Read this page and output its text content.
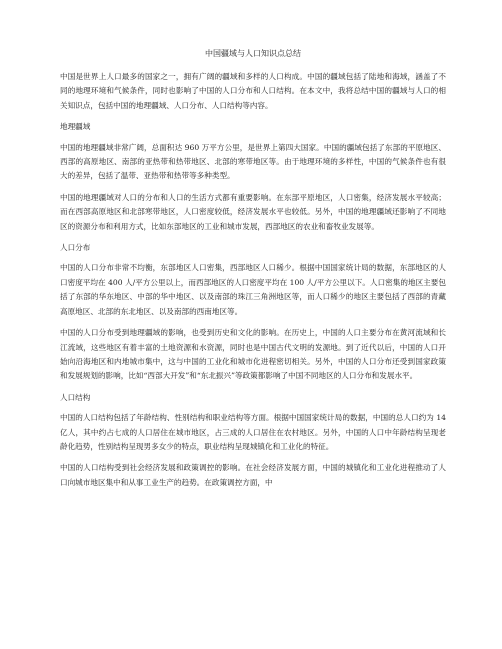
中国疆域与人口知识点总结

中国是世界上人口最多的国家之一，拥有广阔的疆域和多样的人口构成。中国的疆域包括了陆地和海域，涵盖了不同的地理环境和气候条件，同时也影响了中国的人口分布和人口结构。在本文中，我将总结中国的疆域与人口的相关知识点，包括中国的地理疆域、人口分布、人口结构等内容。

地理疆域

中国的地理疆域非常广阔，总面积达 960 万平方公里，是世界上第四大国家。中国的疆域包括了东部的平原地区、西部的高原地区、南部的亚热带和热带地区、北部的寒带地区等。由于地理环境的多样性，中国的气候条件也有很大的差异，包括了温带、亚热带和热带等多种类型。

中国的地理疆域对人口的分布和人口的生活方式都有重要影响。在东部平原地区，人口密集，经济发展水平较高；而在西部高原地区和北部寒带地区，人口密度较低，经济发展水平也较低。另外，中国的地理疆域还影响了不同地区的资源分布和利用方式，比如东部地区的工业和城市发展，西部地区的农业和畜牧业发展等。

人口分布

中国的人口分布非常不均衡，东部地区人口密集，西部地区人口稀少。根据中国国家统计局的数据，东部地区的人口密度平均在 400 人/平方公里以上，而西部地区的人口密度平均在 100 人/平方公里以下。人口密集的地区主要包括了东部的华东地区、中部的华中地区、以及南部的珠江三角洲地区等，而人口稀少的地区主要包括了西部的青藏高原地区、北部的东北地区、以及南部的西南地区等。

中国的人口分布受到地理疆域的影响，也受到历史和文化的影响。在历史上，中国的人口主要分布在黄河流域和长江流域，这些地区有着丰富的土地资源和水资源，同时也是中国古代文明的发源地。到了近代以后，中国的人口开始向沿海地区和内地城市集中，这与中国的工业化和城市化进程密切相关。另外，中国的人口分布还受到国家政策和发展规划的影响，比如“西部大开发”和“东北振兴”等政策都影响了中国不同地区的人口分布和发展水平。

人口结构

中国的人口结构包括了年龄结构、性别结构和职业结构等方面。根据中国国家统计局的数据，中国的总人口约为 14 亿人，其中约占七成的人口居住在城市地区，占三成的人口居住在农村地区。另外，中国的人口中年龄结构呈现老龄化趋势，性别结构呈现男多女少的特点，职业结构呈现城镇化和工业化的特征。

中国的人口结构受到社会经济发展和政策调控的影响。在社会经济发展方面，中国的城镇化和工业化进程推动了人口向城市地区集中和从事工业生产的趋势。在政策调控方面，中
